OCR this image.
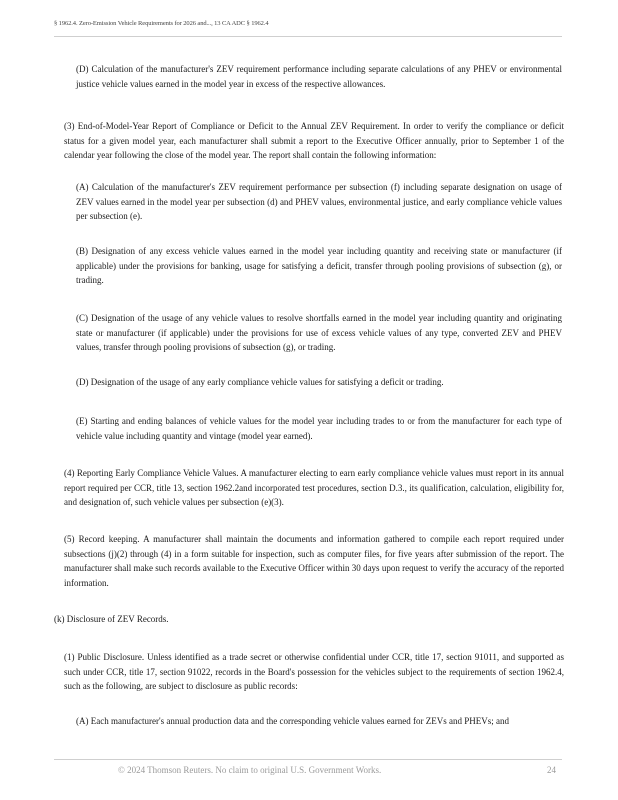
§ 1962.4. Zero-Emission Vehicle Requirements for 2026 and..., 13 CA ADC § 1962.4

(D) Calculation of the manufacturer's ZEV requirement performance including separate calculations of any PHEV or environmental justice vehicle values earned in the model year in excess of the respective allowances.

(3) End-of-Model-Year Report of Compliance or Deficit to the Annual ZEV Requirement. In order to verify the compliance or deficit status for a given model year, each manufacturer shall submit a report to the Executive Officer annually, prior to September 1 of the calendar year following the close of the model year. The report shall contain the following information:

(A) Calculation of the manufacturer's ZEV requirement performance per subsection (f) including separate designation on usage of ZEV values earned in the model year per subsection (d) and PHEV values, environmental justice, and early compliance vehicle values per subsection (e).

(B) Designation of any excess vehicle values earned in the model year including quantity and receiving state or manufacturer (if applicable) under the provisions for banking, usage for satisfying a deficit, transfer through pooling provisions of subsection (g), or trading.

(C) Designation of the usage of any vehicle values to resolve shortfalls earned in the model year including quantity and originating state or manufacturer (if applicable) under the provisions for use of excess vehicle values of any type, converted ZEV and PHEV values, transfer through pooling provisions of subsection (g), or trading.

(D) Designation of the usage of any early compliance vehicle values for satisfying a deficit or trading.

(E) Starting and ending balances of vehicle values for the model year including trades to or from the manufacturer for each type of vehicle value including quantity and vintage (model year earned).

(4) Reporting Early Compliance Vehicle Values. A manufacturer electing to earn early compliance vehicle values must report in its annual report required per CCR, title 13, section 1962.2and incorporated test procedures, section D.3., its qualification, calculation, eligibility for, and designation of, such vehicle values per subsection (e)(3).

(5) Record keeping. A manufacturer shall maintain the documents and information gathered to compile each report required under subsections (j)(2) through (4) in a form suitable for inspection, such as computer files, for five years after submission of the report. The manufacturer shall make such records available to the Executive Officer within 30 days upon request to verify the accuracy of the reported information.

(k) Disclosure of ZEV Records.

(1) Public Disclosure. Unless identified as a trade secret or otherwise confidential under CCR, title 17, section 91011, and supported as such under CCR, title 17, section 91022, records in the Board's possession for the vehicles subject to the requirements of section 1962.4, such as the following, are subject to disclosure as public records:

(A) Each manufacturer's annual production data and the corresponding vehicle values earned for ZEVs and PHEVs; and

© 2024 Thomson Reuters. No claim to original U.S. Government Works.	24
